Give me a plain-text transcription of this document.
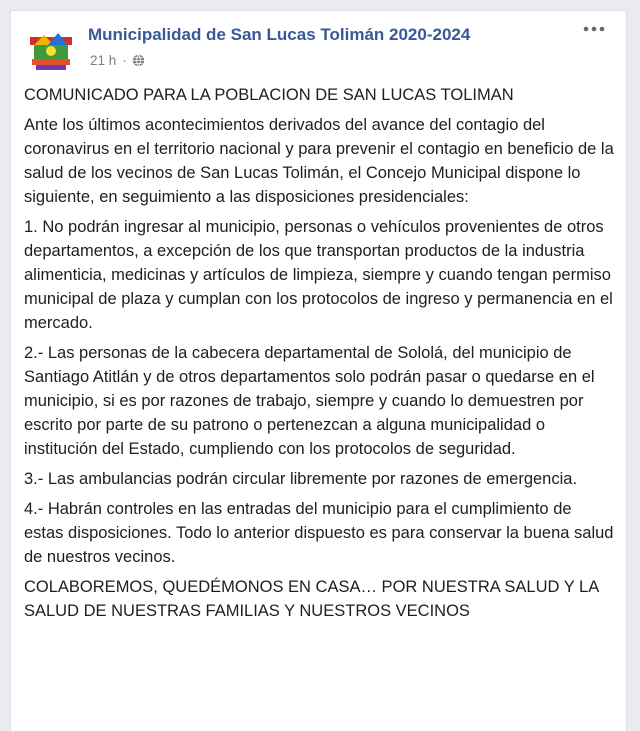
Municipalidad de San Lucas Tolimán 2020-2024
21 h ·

COMUNICADO PARA LA POBLACION DE SAN LUCAS TOLIMAN

Ante los últimos acontecimientos derivados del avance del contagio del coronavirus en el territorio nacional y para prevenir el contagio en beneficio de la salud de los vecinos de San Lucas Tolimán, el Concejo Municipal dispone lo siguiente, en seguimiento a las disposiciones presidenciales:

1. No podrán ingresar al municipio, personas o vehículos provenientes de otros departamentos, a excepción de los que transportan productos de la industria alimenticia, medicinas y artículos de limpieza, siempre y cuando tengan permiso municipal de plaza y cumplan con los protocolos de ingreso y permanencia en el mercado.

2.- Las personas de la cabecera departamental de Sololá, del municipio de Santiago Atitlán y de otros departamentos solo podrán pasar o quedarse en el municipio, si es por razones de trabajo, siempre y cuando lo demuestren por escrito por parte de su patrono o pertenezcan a alguna municipalidad o institución del Estado, cumpliendo con los protocolos de seguridad.

3.- Las ambulancias podrán circular libremente por razones de emergencia.

4.- Habrán controles en las entradas del municipio para el cumplimiento de estas disposiciones. Todo lo anterior dispuesto es para conservar la buena salud de nuestros vecinos.

COLABOREMOS, QUEDÉMONOS EN CASA… POR NUESTRA SALUD Y LA SALUD DE NUESTRAS FAMILIAS Y NUESTROS VECINOS
